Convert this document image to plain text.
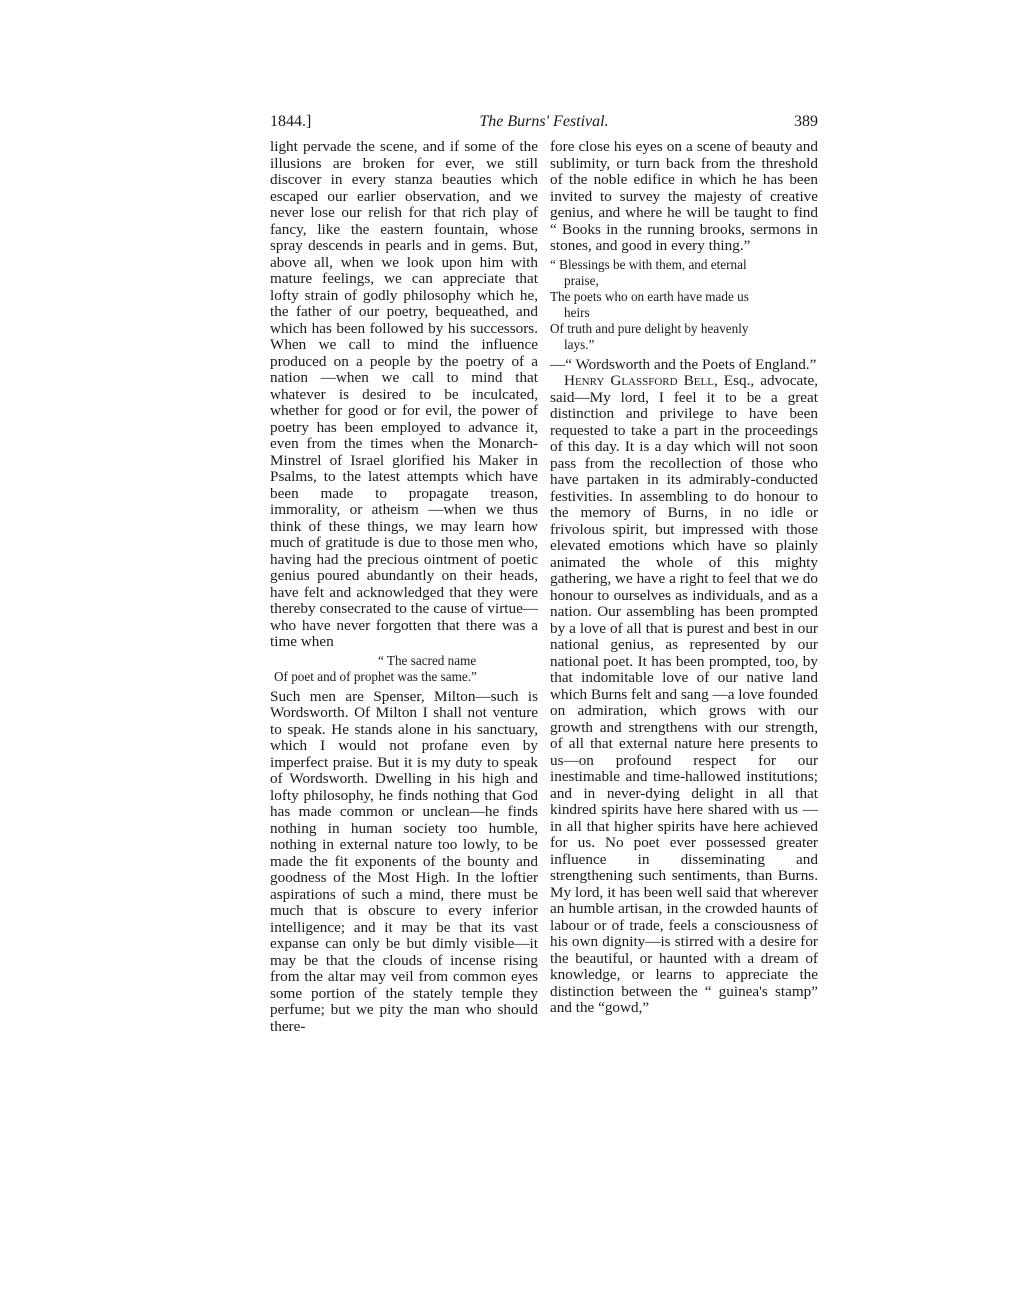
1844.]	The Burns' Festival.	389

light pervade the scene, and if some of the illusions are broken for ever, we still discover in every stanza beauties which escaped our earlier observation, and we never lose our relish for that rich play of fancy, like the eastern fountain, whose spray descends in pearls and in gems. But, above all, when we look upon him with mature feelings, we can appreciate that lofty strain of godly philosophy which he, the father of our poetry, bequeathed, and which has been followed by his successors. When we call to mind the influence produced on a people by the poetry of a nation —when we call to mind that whatever is desired to be inculcated, whether for good or for evil, the power of poetry has been employed to advance it, even from the times when the Monarch-Minstrel of Israel glorified his Maker in Psalms, to the latest attempts which have been made to propagate treason, immorality, or atheism —when we thus think of these things, we may learn how much of gratitude is due to those men who, having had the precious ointment of poetic genius poured abundantly on their heads, have felt and acknowledged that they were thereby consecrated to the cause of virtue—who have never forgotten that there was a time when

“ The sacred name
Of poet and of prophet was the same.”

Such men are Spenser, Milton—such is Wordsworth. Of Milton I shall not venture to speak. He stands alone in his sanctuary, which I would not profane even by imperfect praise. But it is my duty to speak of Wordsworth. Dwelling in his high and lofty philosophy, he finds nothing that God has made common or unclean—he finds nothing in human society too humble, nothing in external nature too lowly, to be made the fit exponents of the bounty and goodness of the Most High. In the loftier aspirations of such a mind, there must be much that is obscure to every inferior intelligence; and it may be that its vast expanse can only be but dimly visible—it may be that the clouds of incense rising from the altar may veil from common eyes some portion of the stately temple they perfume; but we pity the man who should there-

fore close his eyes on a scene of beauty and sublimity, or turn back from the threshold of the noble edifice in which he has been invited to survey the majesty of creative genius, and where he will be taught to find “ Books in the running brooks, sermons in stones, and good in every thing.”

“ Blessings be with them, and eternal
praise,
The poets who on earth have made us
heirs
Of truth and pure delight by heavenly
lays.”

—“ Wordsworth and the Poets of England.”

Henry Glassford Bell, Esq., advocate, said—My lord, I feel it to be a great distinction and privilege to have been requested to take a part in the proceedings of this day. It is a day which will not soon pass from the recollection of those who have partaken in its admirably-conducted festivities. In assembling to do honour to the memory of Burns, in no idle or frivolous spirit, but impressed with those elevated emotions which have so plainly animated the whole of this mighty gathering, we have a right to feel that we do honour to ourselves as individuals, and as a nation. Our assembling has been prompted by a love of all that is purest and best in our national genius, as represented by our national poet. It has been prompted, too, by that indomitable love of our native land which Burns felt and sang —a love founded on admiration, which grows with our growth and strengthens with our strength, of all that external nature here presents to us—on profound respect for our inestimable and time-hallowed institutions; and in never-dying delight in all that kindred spirits have here shared with us —in all that higher spirits have here achieved for us. No poet ever possessed greater influence in disseminating and strengthening such sentiments, than Burns. My lord, it has been well said that wherever an humble artisan, in the crowded haunts of labour or of trade, feels a consciousness of his own dignity—is stirred with a desire for the beautiful, or haunted with a dream of knowledge, or learns to appreciate the distinction between the “ guinea's stamp” and the “gowd,”
